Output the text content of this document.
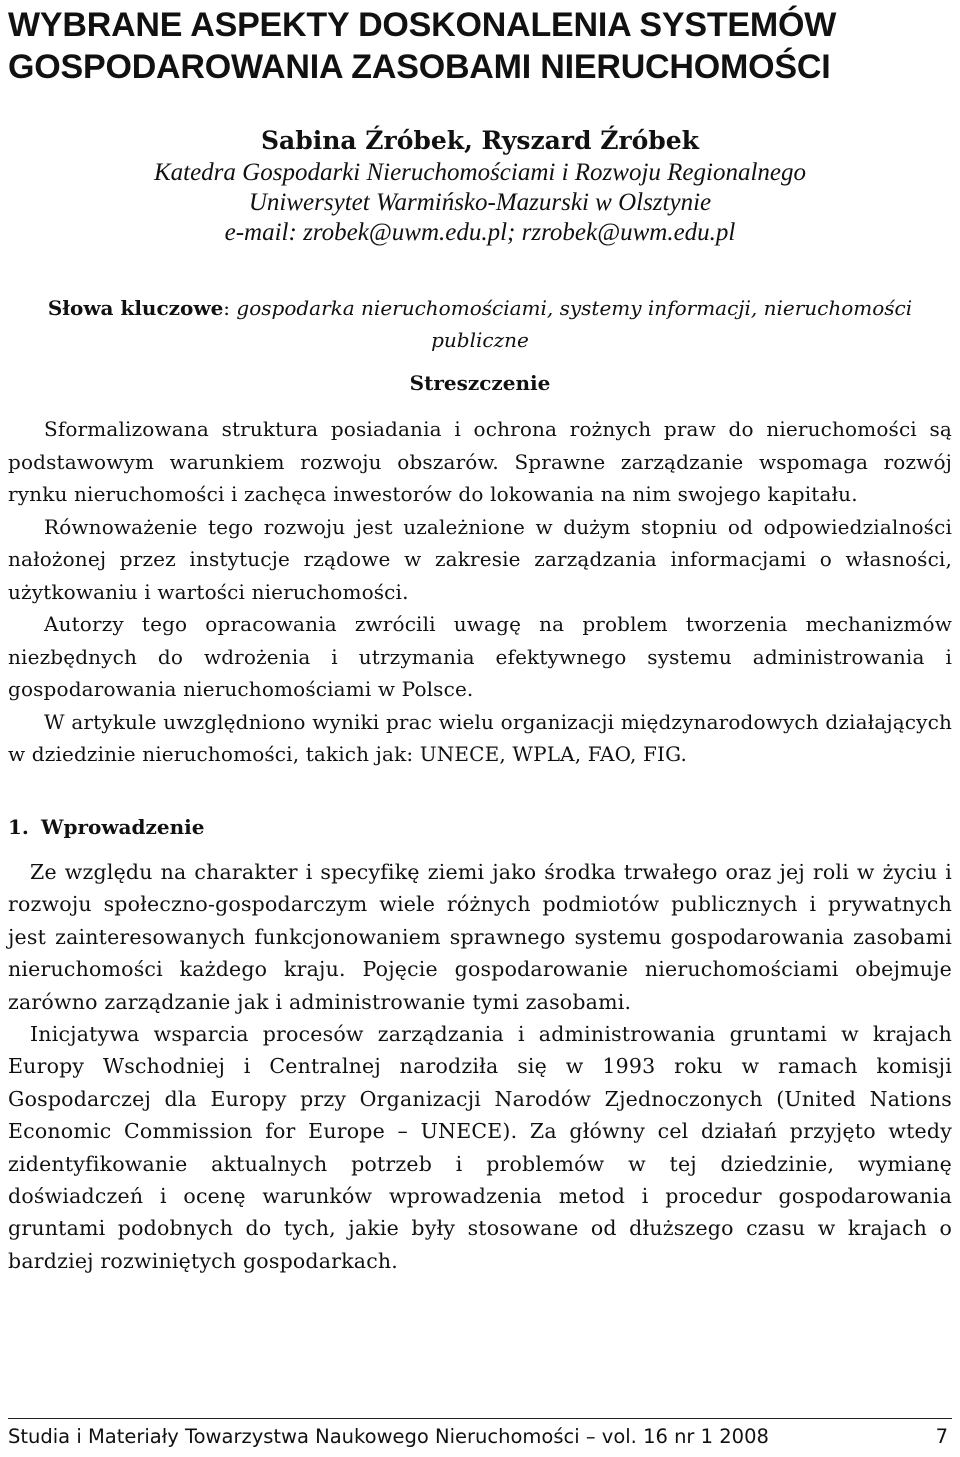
WYBRANE ASPEKTY DOSKONALENIA SYSTEMÓW
GOSPODAROWANIA ZASOBAMI NIERUCHOMOŚCI

Sabina Źróbek, Ryszard Źróbek

Katedra Gospodarki Nieruchomościami i Rozwoju Regionalnego

Uniwersytet Warmińsko-Mazurski w Olsztynie

e-mail: zrobek@uwm.edu.pl; rzrobek@uwm.edu.pl

Słowa kluczowe: gospodarka nieruchomościami, systemy informacji, nieruchomości publiczne
Streszczenie

Sformalizowana struktura posiadania i ochrona rożnych praw do nieruchomości są podstawowym warunkiem rozwoju obszarów. Sprawne zarządzanie wspomaga rozwój rynku nieruchomości i zachęca inwestorów do lokowania na nim swojego kapitału.

Równoważenie tego rozwoju jest uzależnione w dużym stopniu od odpowiedzialności nałożonej przez instytucje rządowe w zakresie zarządzania informacjami o własności, użytkowaniu i wartości nieruchomości.

Autorzy tego opracowania zwrócili uwagę na problem tworzenia mechanizmów niezbędnych do wdrożenia i utrzymania efektywnego systemu administrowania i gospodarowania nieruchomościami w Polsce.

W artykule uwzględniono wyniki prac wielu organizacji międzynarodowych działających w dziedzinie nieruchomości, takich jak: UNECE, WPLA, FAO, FIG.

1. Wprowadzenie

Ze względu na charakter i specyfikę ziemi jako środka trwałego oraz jej roli w życiu i rozwoju społeczno-gospodarczym wiele różnych podmiotów publicznych i prywatnych jest zainteresowanych funkcjonowaniem sprawnego systemu gospodarowania zasobami nieruchomości każdego kraju. Pojęcie gospodarowanie nieruchomościami obejmuje zarówno zarządzanie jak i administrowanie tymi zasobami.

Inicjatywa wsparcia procesów zarządzania i administrowania gruntami w krajach Europy Wschodniej i Centralnej narodziła się w 1993 roku w ramach komisji Gospodarczej dla Europy przy Organizacji Narodów Zjednoczonych (United Nations Economic Commission for Europe – UNECE). Za główny cel działań przyjęto wtedy zidentyfikowanie aktualnych potrzeb i problemów w tej dziedzinie, wymianę doświadczeń i ocenę warunków wprowadzenia metod i procedur gospodarowania gruntami podobnych do tych, jakie były stosowane od dłuższego czasu w krajach o bardziej rozwiniętych gospodarkach.

Studia i Materiały Towarzystwa Naukowego Nieruchomości – vol. 16 nr 1 2008	7
